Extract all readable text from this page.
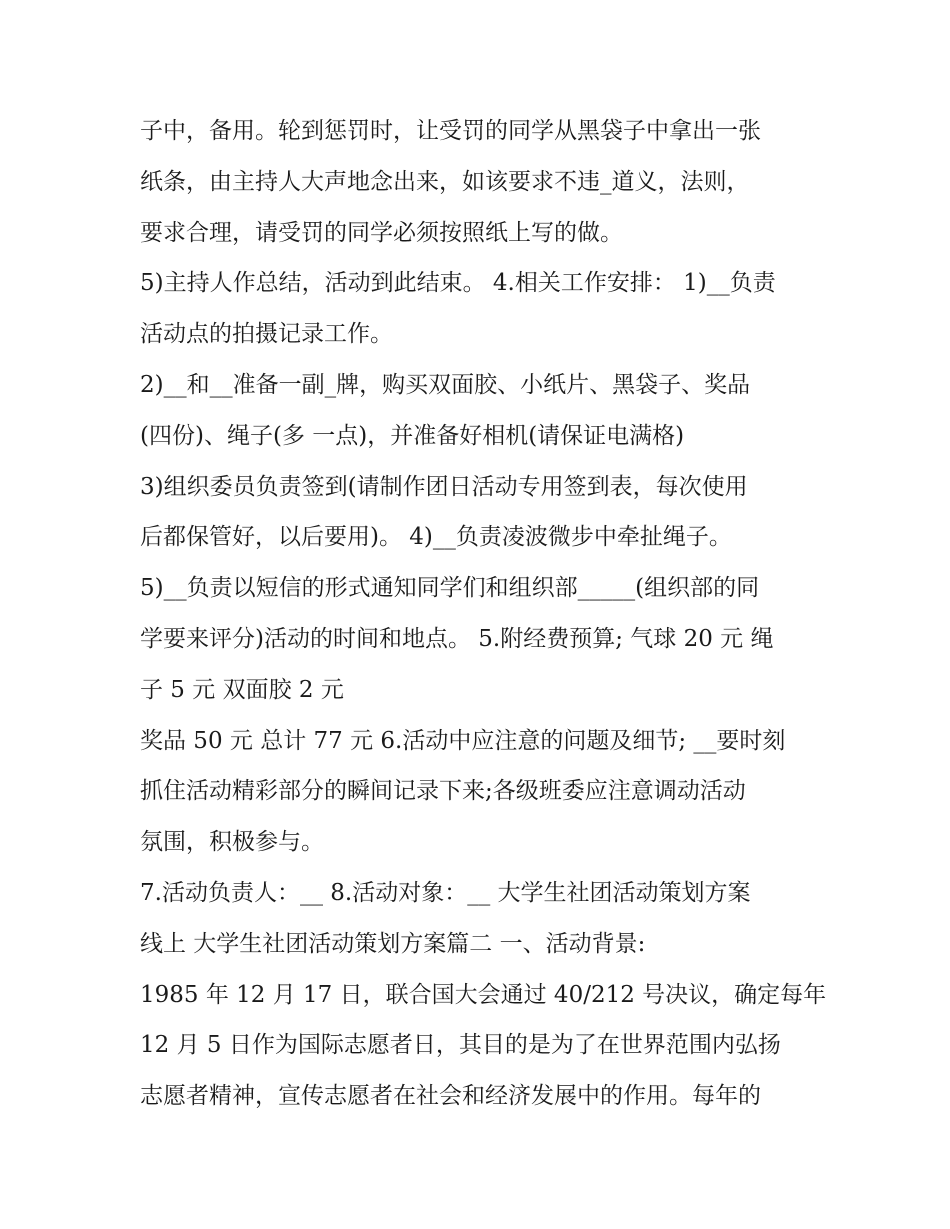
子中，备用。轮到惩罚时，让受罚的同学从黑袋子中拿出一张
纸条，由主持人大声地念出来，如该要求不违_道义，法则，
要求合理，请受罚的同学必须按照纸上写的做。
5)主持人作总结，活动到此结束。 4.相关工作安排： 1)__负责
活动点的拍摄记录工作。
2)__和__准备一副_牌，购买双面胶、小纸片、黑袋子、奖品
(四份)、绳子(多 一点)，并准备好相机(请保证电满格)
3)组织委员负责签到(请制作团日活动专用签到表，每次使用
后都保管好，以后要用)。 4)__负责凌波微步中牵扯绳子。
5)__负责以短信的形式通知同学们和组织部_____(组织部的同
学要来评分)活动的时间和地点。 5.附经费预算; 气球 20 元 绳
子 5 元 双面胶 2 元
奖品 50 元 总计 77 元 6.活动中应注意的问题及细节; __要时刻
抓住活动精彩部分的瞬间记录下来;各级班委应注意调动活动
氛围，积极参与。
7.活动负责人：__ 8.活动对象：__ 大学生社团活动策划方案
线上 大学生社团活动策划方案篇二 一、活动背景:
1985 年 12 月 17 日，联合国大会通过 40/212 号决议，确定每年
12 月 5 日作为国际志愿者日，其目的是为了在世界范围内弘扬
志愿者精神，宣传志愿者在社会和经济发展中的作用。每年的
